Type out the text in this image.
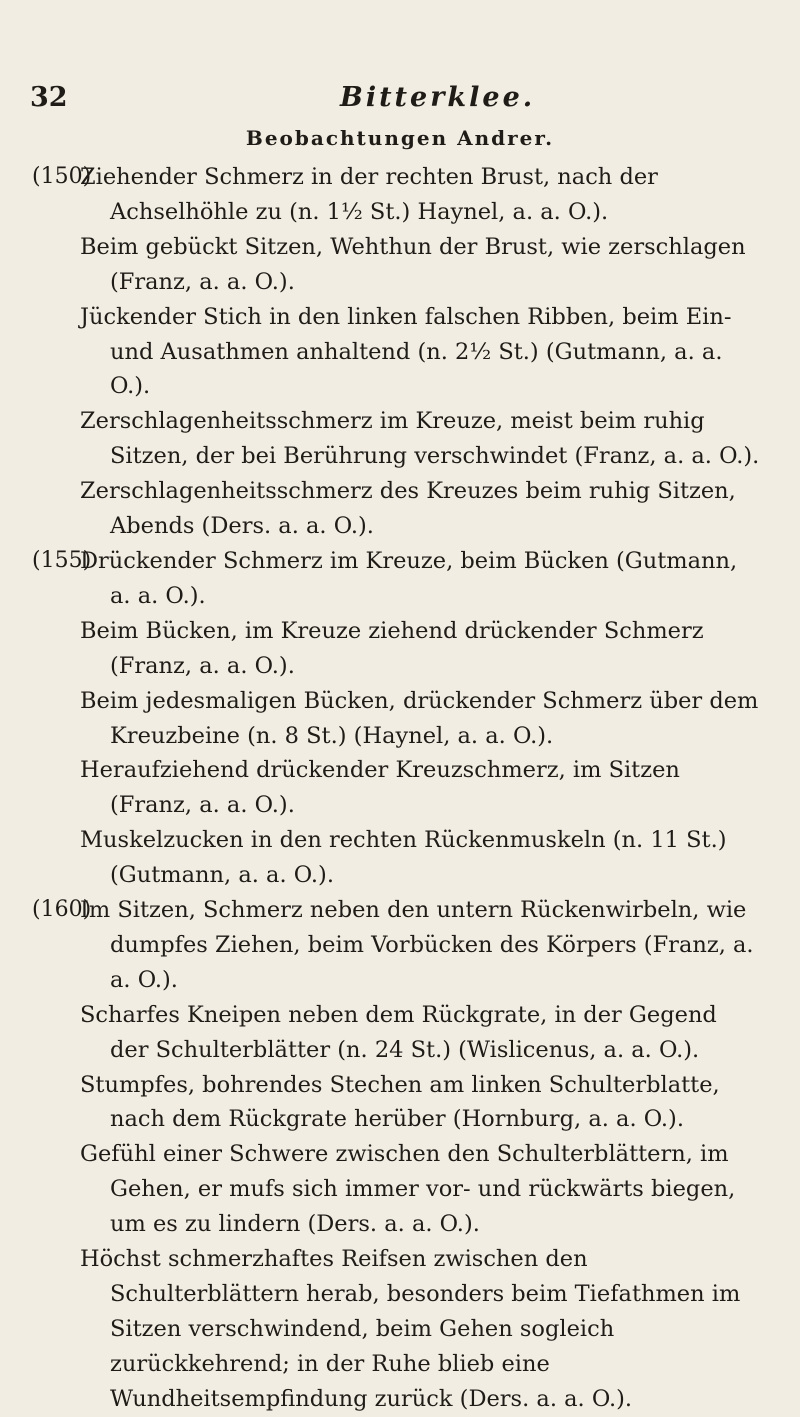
32	Bitterklee.
Beobachtungen Andrer.
(150)
Ziehender Schmerz in der rechten Brust, nach der Achselhöhle zu (n. 1½ St.) Haynel, a. a. O.).
Beim gebückt Sitzen, Wehthun der Brust, wie zerschlagen (Franz, a. a. O.).
Jückender Stich in den linken falschen Ribben, beim Ein- und Ausathmen anhaltend (n. 2½ St.) (Gutmann, a. a. O.).
Zerschlagenheitsschmerz im Kreuze, meist beim ruhig Sitzen, der bei Berührung verschwindet (Franz, a. a. O.).
Zerschlagenheitsschmerz des Kreuzes beim ruhig Sitzen, Abends (Ders. a. a. O.).
(155)
Drückender Schmerz im Kreuze, beim Bücken (Gutmann, a. a. O.).
Beim Bücken, im Kreuze ziehend drückender Schmerz (Franz, a. a. O.).
Beim jedesmaligen Bücken, drückender Schmerz über dem Kreuzbeine (n. 8 St.) (Haynel, a. a. O.).
Heraufziehend drückender Kreuzschmerz, im Sitzen (Franz, a. a. O.).
Muskelzucken in den rechten Rückenmuskeln (n. 11 St.) (Gutmann, a. a. O.).
(160)
Im Sitzen, Schmerz neben den untern Rückenwirbeln, wie dumpfes Ziehen, beim Vorbücken des Körpers (Franz, a. a. O.).
Scharfes Kneipen neben dem Rückgrate, in der Gegend der Schulterblätter (n. 24 St.) (Wislicenus, a. a. O.).
Stumpfes, bohrendes Stechen am linken Schulterblatte, nach dem Rückgrate herüber (Hornburg, a. a. O.).
Gefühl einer Schwere zwischen den Schulterblättern, im Gehen, er mufs sich immer vor- und rückwärts biegen, um es zu lindern (Ders. a. a. O.).
Höchst schmerzhaftes Reifsen zwischen den Schulterblättern herab, besonders beim Tiefathmen im Sitzen verschwindend, beim Gehen sogleich zurückkehrend; in der Ruhe blieb eine Wundheitsempfindung zurück (Ders. a. a. O.).
